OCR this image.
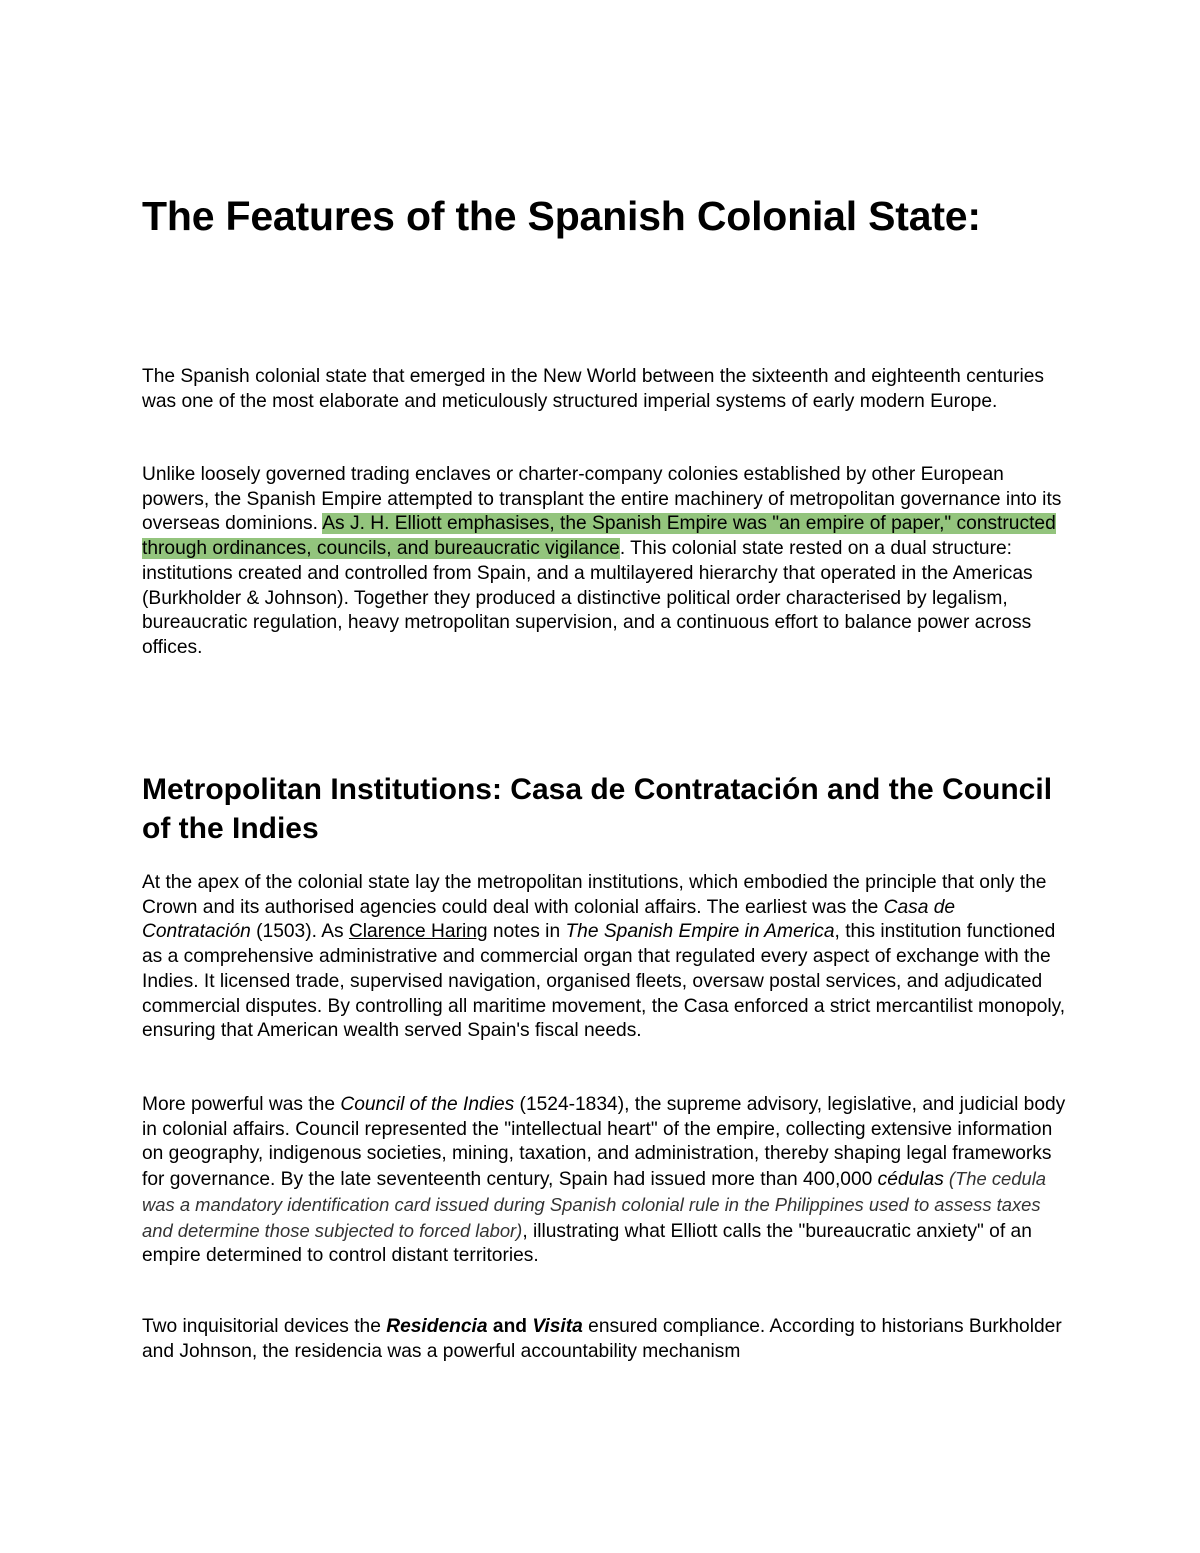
The Features of the Spanish Colonial State:

The Spanish colonial state that emerged in the New World between the sixteenth and eighteenth centuries was one of the most elaborate and meticulously structured imperial systems of early modern Europe.

Unlike loosely governed trading enclaves or charter-company colonies established by other European powers, the Spanish Empire attempted to transplant the entire machinery of metropolitan governance into its overseas dominions. As J. H. Elliott emphasises, the Spanish Empire was "an empire of paper," constructed through ordinances, councils, and bureaucratic vigilance. This colonial state rested on a dual structure: institutions created and controlled from Spain, and a multilayered hierarchy that operated in the Americas (Burkholder & Johnson). Together they produced a distinctive political order characterised by legalism, bureaucratic regulation, heavy metropolitan supervision, and a continuous effort to balance power across offices.

Metropolitan Institutions: Casa de Contratación and the Council of the Indies

At the apex of the colonial state lay the metropolitan institutions, which embodied the principle that only the Crown and its authorised agencies could deal with colonial affairs. The earliest was the Casa de Contratación (1503). As Clarence Haring notes in The Spanish Empire in America, this institution functioned as a comprehensive administrative and commercial organ that regulated every aspect of exchange with the Indies. It licensed trade, supervised navigation, organised fleets, oversaw postal services, and adjudicated commercial disputes. By controlling all maritime movement, the Casa enforced a strict mercantilist monopoly, ensuring that American wealth served Spain's fiscal needs.

More powerful was the Council of the Indies (1524-1834), the supreme advisory, legislative, and judicial body in colonial affairs. Council represented the "intellectual heart" of the empire, collecting extensive information on geography, indigenous societies, mining, taxation, and administration, thereby shaping legal frameworks for governance. By the late seventeenth century, Spain had issued more than 400,000 cédulas (The cedula was a mandatory identification card issued during Spanish colonial rule in the Philippines used to assess taxes and determine those subjected to forced labor), illustrating what Elliott calls the "bureaucratic anxiety" of an empire determined to control distant territories.

Two inquisitorial devices the Residencia and Visita ensured compliance. According to historians Burkholder and Johnson, the residencia was a powerful accountability mechanism
